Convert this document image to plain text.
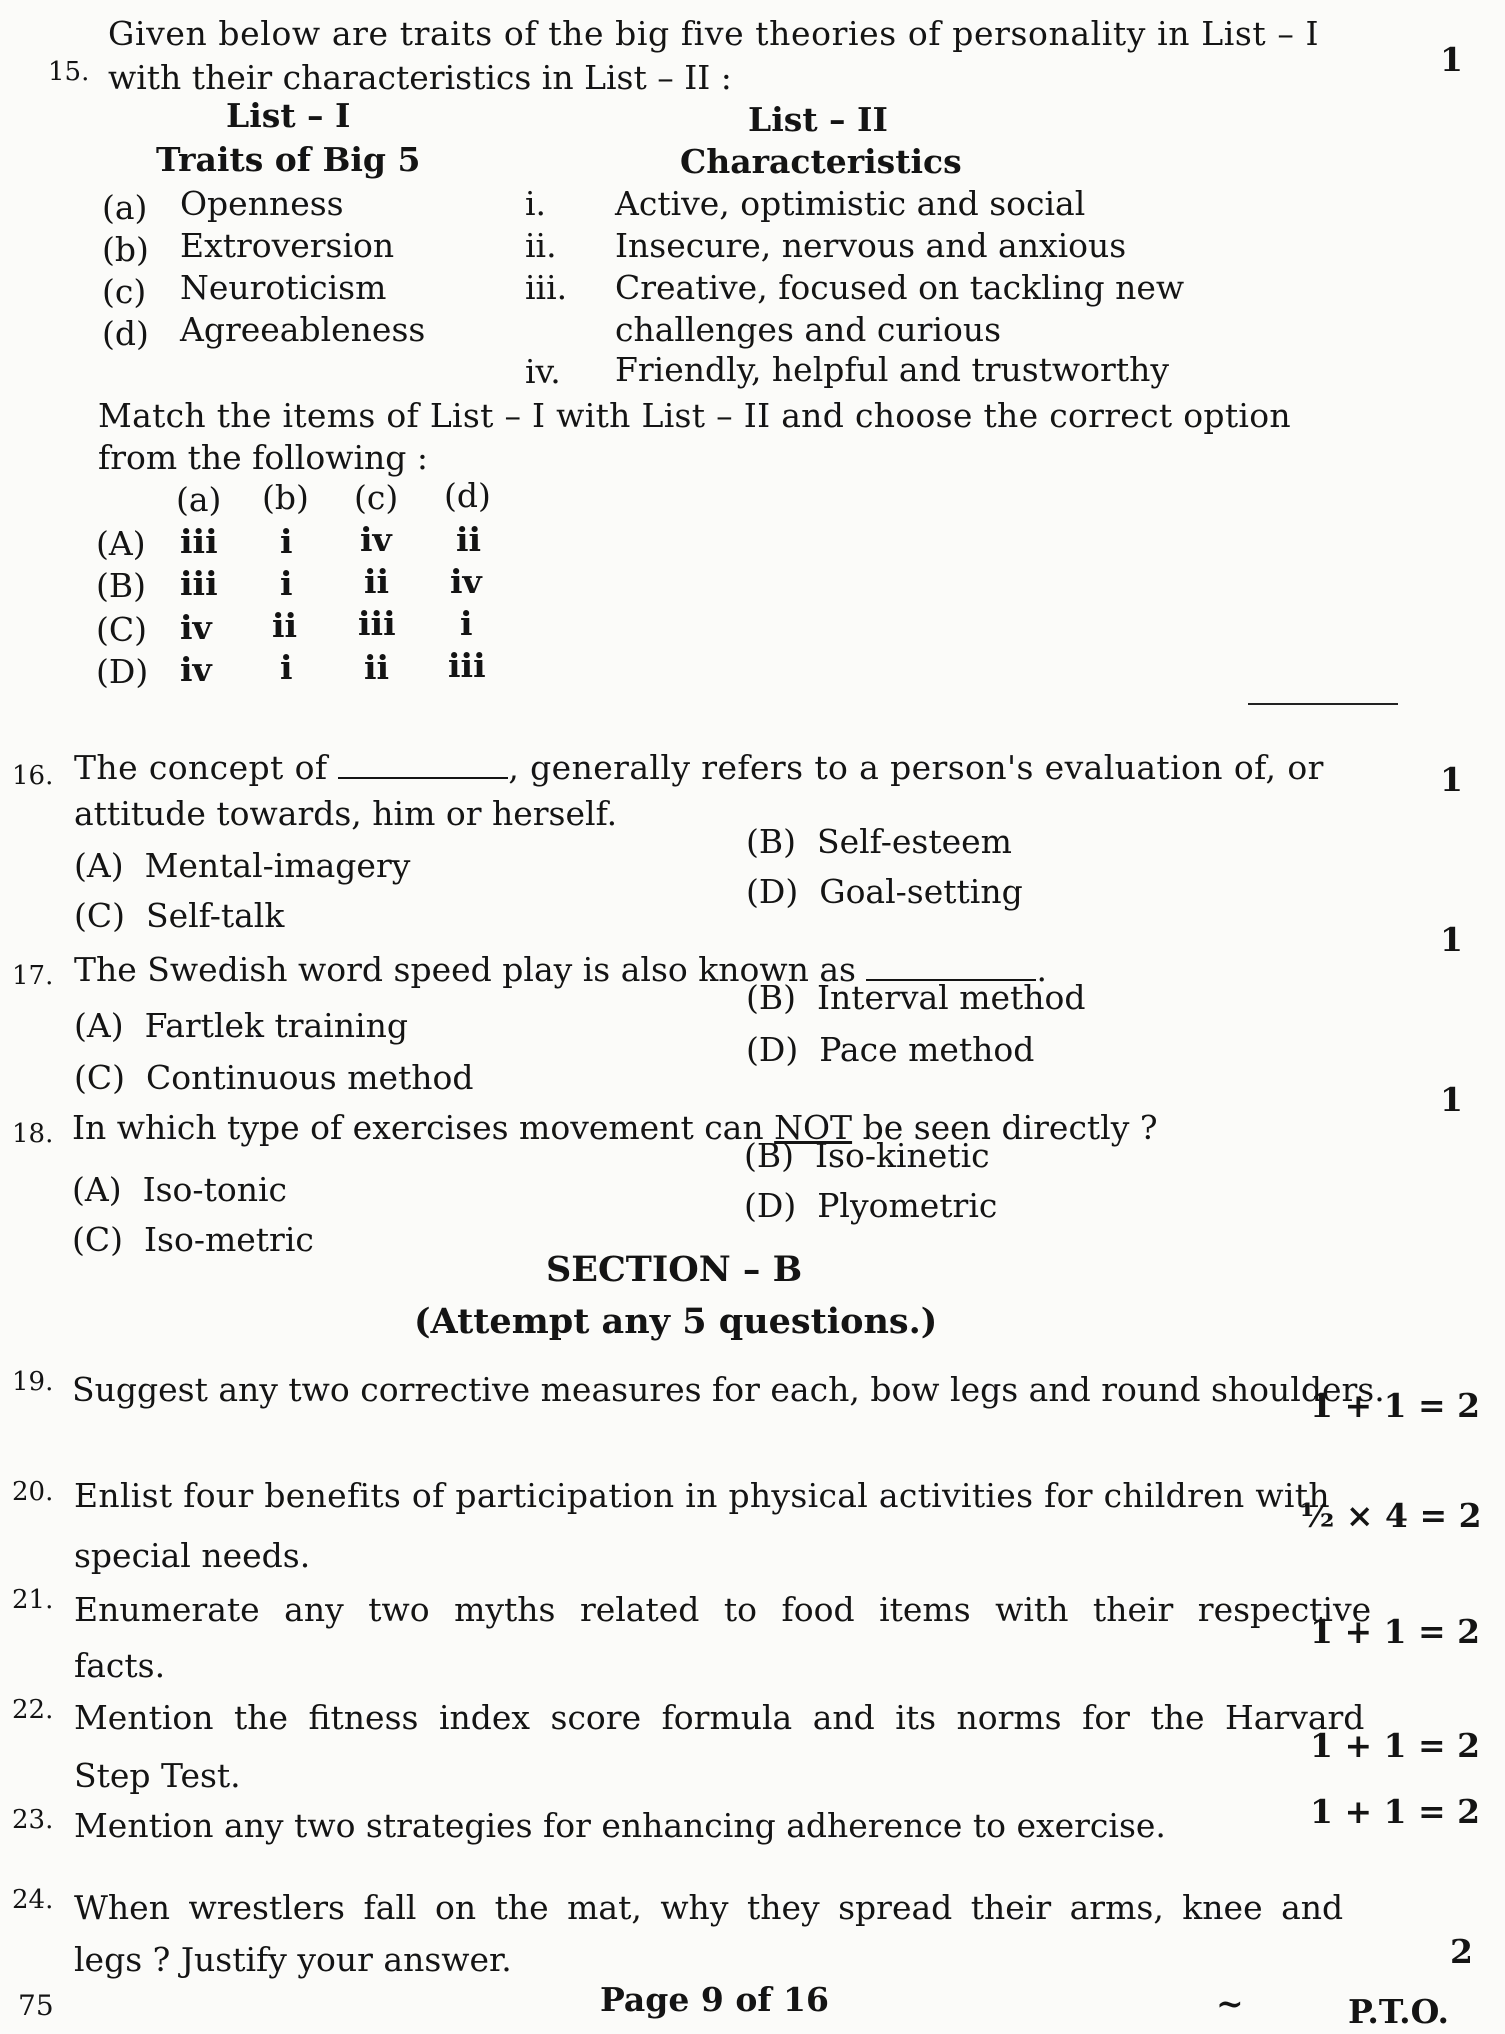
15.
Given below are traits of the big five theories of personality in List – I
with their characteristics in List – II :	1
List – I
Traits of Big 5
List – II
Characteristics
(a) Openness
(b) Extroversion
(c) Neuroticism
(d) Agreeableness
i. Active, optimistic and social
ii. Insecure, nervous and anxious
iii. Creative, focused on tackling new
challenges and curious
iv. Friendly, helpful and trustworthy
Match the items of List – I with List – II and choose the correct option
from the following :
(a) (b) (c) (d)
(A) iii i iv ii
(B) iii i ii iv
(C) iv ii iii i
(D) iv i ii iii
16. The concept of	, generally refers to a person's evaluation of, or
attitude towards, him or herself.
1
(A) Mental-imagery
(B) Self-esteem
(C) Self-talk
(D) Goal-setting
17. The Swedish word speed play is also known as	.
1
(A) Fartlek training
(B) Interval method
(C) Continuous method
(D) Pace method
18. In which type of exercises movement can NOT be seen directly ?
1
(A) Iso-tonic
(B) Iso-kinetic
(C) Iso-metric
(D) Plyometric
SECTION – B
(Attempt any 5 questions.)
19. Suggest any two corrective measures for each, bow legs and round shoulders.
1 + 1 = 2
20. Enlist four benefits of participation in physical activities for children with
special needs.
½ × 4 = 2
21. Enumerate any two myths related to food items with their respective
facts.
1 + 1 = 2
22. Mention the fitness index score formula and its norms for the Harvard
Step Test.
1 + 1 = 2
23. Mention any two strategies for enhancing adherence to exercise.	1 + 1 = 2
24. When wrestlers fall on the mat, why they spread their arms, knee and
legs ? Justify your answer.	2
75	Page 9 of 16	~	P.T.O.
